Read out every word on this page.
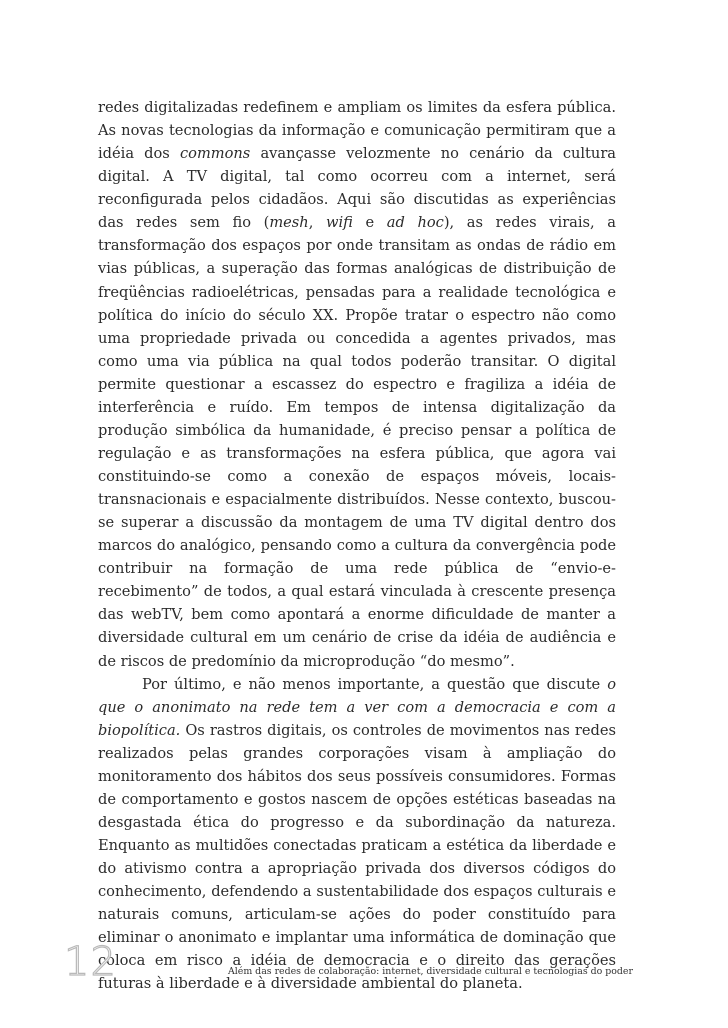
redes digitalizadas redefinem e ampliam os limites da esfera pública. As novas tecnologias da informação e comunicação permitiram que a idéia dos commons avançasse velozmente no cenário da cultura digital. A TV digital, tal como ocorreu com a internet, será reconfigurada pelos cidadãos. Aqui são discutidas as experiências das redes sem fio (mesh, wifi e ad hoc), as redes virais, a transformação dos espaços por onde transitam as ondas de rádio em vias públicas, a superação das formas analógicas de distribuição de freqüências radioelétricas, pensadas para a realidade tecnológica e política do início do século XX. Propõe tratar o espectro não como uma propriedade privada ou concedida a agentes privados, mas como uma via pública na qual todos poderão transitar. O digital permite questionar a escassez do espectro e fragiliza a idéia de interferência e ruído. Em tempos de intensa digitalização da produção simbólica da humanidade, é preciso pensar a política de regulação e as transformações na esfera pública, que agora vai constituindo-se como a conexão de espaços móveis, locais-transnacionais e espacialmente distribuídos. Nesse contexto, buscou-se superar a discussão da montagem de uma TV digital dentro dos marcos do analógico, pensando como a cultura da convergência pode contribuir na formação de uma rede pública de “envio-e-recebimento” de todos, a qual estará vinculada à crescente presença das webTV, bem como apontará a enorme dificuldade de manter a diversidade cultural em um cenário de crise da idéia de audiência e de riscos de predomínio da microprodução “do mesmo”.

Por último, e não menos importante, a questão que discute o que o anonimato na rede tem a ver com a democracia e com a biopolítica. Os rastros digitais, os controles de movimentos nas redes realizados pelas grandes corporações visam à ampliação do monitoramento dos hábitos dos seus possíveis consumidores. Formas de comportamento e gostos nascem de opções estéticas baseadas na desgastada ética do progresso e da subordinação da natureza. Enquanto as multidões conectadas praticam a estética da liberdade e do ativismo contra a apropriação privada dos diversos códigos do conhecimento, defendendo a sustentabilidade dos espaços culturais e naturais comuns, articulam-se ações do poder constituído para eliminar o anonimato e implantar uma informática de dominação que coloca em risco a idéia de democracia e o direito das gerações futuras à liberdade e à diversidade ambiental do planeta.

12	Além das redes de colaboração: internet, diversidade cultural e tecnologias do poder
